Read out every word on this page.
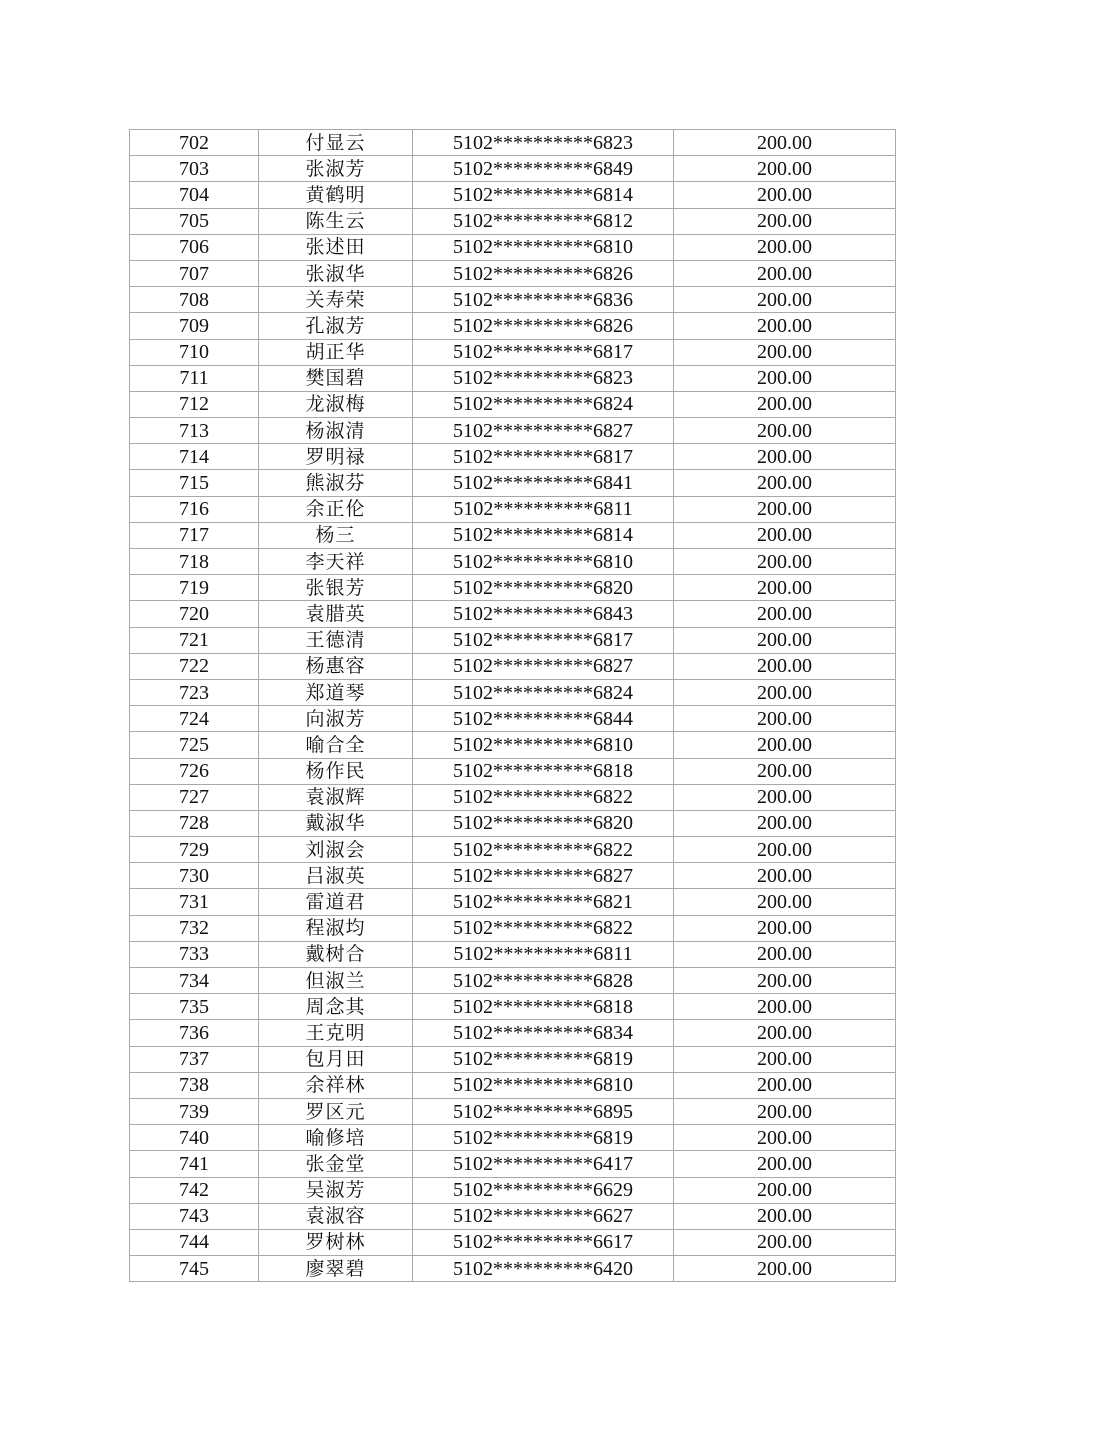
702	付显云	5102**********6823	200.00
703	张淑芳	5102**********6849	200.00
704	黄鹤明	5102**********6814	200.00
705	陈生云	5102**********6812	200.00
706	张述田	5102**********6810	200.00
707	张淑华	5102**********6826	200.00
708	关寿荣	5102**********6836	200.00
709	孔淑芳	5102**********6826	200.00
710	胡正华	5102**********6817	200.00
711	樊国碧	5102**********6823	200.00
712	龙淑梅	5102**********6824	200.00
713	杨淑清	5102**********6827	200.00
714	罗明禄	5102**********6817	200.00
715	熊淑芬	5102**********6841	200.00
716	余正伦	5102**********6811	200.00
717	杨三	5102**********6814	200.00
718	李天祥	5102**********6810	200.00
719	张银芳	5102**********6820	200.00
720	袁腊英	5102**********6843	200.00
721	王德清	5102**********6817	200.00
722	杨惠容	5102**********6827	200.00
723	郑道琴	5102**********6824	200.00
724	向淑芳	5102**********6844	200.00
725	喻合全	5102**********6810	200.00
726	杨作民	5102**********6818	200.00
727	袁淑辉	5102**********6822	200.00
728	戴淑华	5102**********6820	200.00
729	刘淑会	5102**********6822	200.00
730	吕淑英	5102**********6827	200.00
731	雷道君	5102**********6821	200.00
732	程淑均	5102**********6822	200.00
733	戴树合	5102**********6811	200.00
734	但淑兰	5102**********6828	200.00
735	周念其	5102**********6818	200.00
736	王克明	5102**********6834	200.00
737	包月田	5102**********6819	200.00
738	余祥林	5102**********6810	200.00
739	罗区元	5102**********6895	200.00
740	喻修培	5102**********6819	200.00
741	张金堂	5102**********6417	200.00
742	吴淑芳	5102**********6629	200.00
743	袁淑容	5102**********6627	200.00
744	罗树林	5102**********6617	200.00
745	廖翠碧	5102**********6420	200.00
